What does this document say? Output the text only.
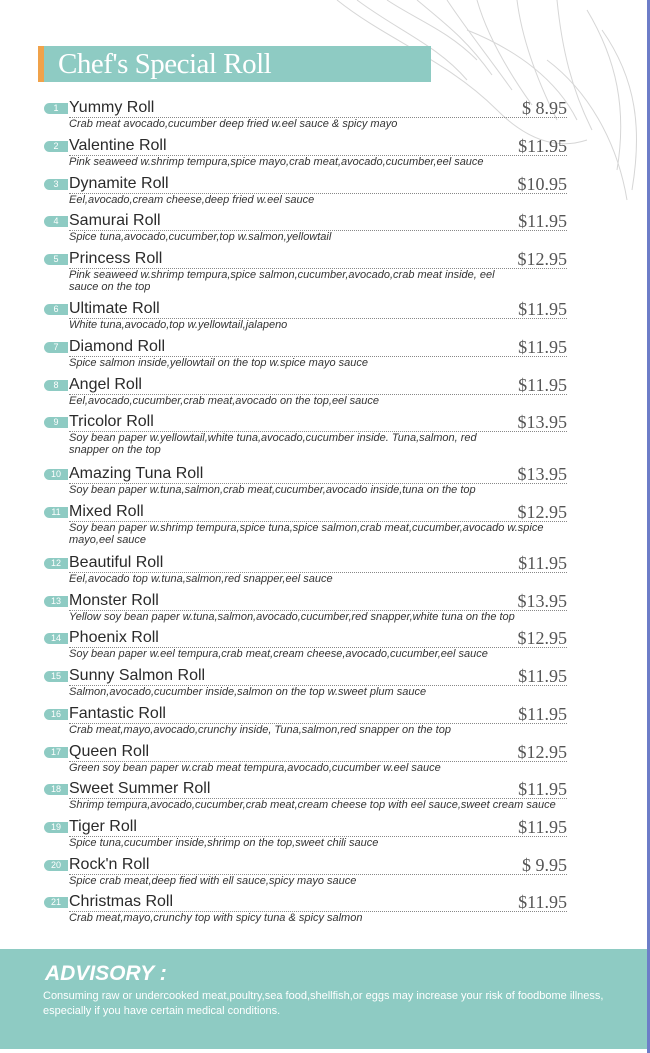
Chef's Special Roll
1 Yummy Roll	$ 8.95
Crab meat avocado,cucumber deep fried w.eel sauce & spicy mayo
2 Valentine Roll	$11.95
Pink seaweed w.shrimp tempura,spice mayo,crab meat,avocado,cucumber,eel sauce
3 Dynamite Roll	$10.95
Eel,avocado,cream cheese,deep fried w.eel sauce
4 Samurai Roll	$11.95
Spice tuna,avocado,cucumber,top w.salmon,yellowtail
5 Princess Roll	$12.95
Pink seaweed w.shrimp tempura,spice salmon,cucumber,avocado,crab meat inside, eel sauce on the top
6 Ultimate Roll	$11.95
White tuna,avocado,top w.yellowtail,jalapeno
7 Diamond Roll	$11.95
Spice salmon inside,yellowtail on the top w.spice mayo sauce
8 Angel Roll	$11.95
Eel,avocado,cucumber,crab meat,avocado on the top,eel sauce
9 Tricolor Roll	$13.95
Soy bean paper w.yellowtail,white tuna,avocado,cucumber inside. Tuna,salmon, red snapper on the top
10 Amazing Tuna Roll	$13.95
Soy bean paper w.tuna,salmon,crab meat,cucumber,avocado inside,tuna on the top
11 Mixed Roll	$12.95
Soy bean paper w.shrimp tempura,spice tuna,spice salmon,crab meat,cucumber,avocado w.spice mayo,eel sauce
12 Beautiful Roll	$11.95
Eel,avocado top w.tuna,salmon,red snapper,eel sauce
13 Monster Roll	$13.95
Yellow soy bean paper w.tuna,salmon,avocado,cucumber,red snapper,white tuna on the top
14 Phoenix Roll	$12.95
Soy bean paper w.eel tempura,crab meat,cream cheese,avocado,cucumber,eel sauce
15 Sunny Salmon Roll	$11.95
Salmon,avocado,cucumber inside,salmon on the top w.sweet plum sauce
16 Fantastic Roll	$11.95
Crab meat,mayo,avocado,crunchy inside, Tuna,salmon,red snapper on the top
17 Queen Roll	$12.95
Green soy bean paper w.crab meat tempura,avocado,cucumber w.eel sauce
18 Sweet Summer Roll	$11.95
Shrimp tempura,avocado,cucumber,crab meat,cream cheese top with eel sauce,sweet cream sauce
19 Tiger Roll	$11.95
Spice tuna,cucumber inside,shrimp on the top,sweet chili sauce
20 Rock'n Roll	$ 9.95
Spice crab meat,deep fied with ell sauce,spicy mayo sauce
21 Christmas Roll	$11.95
Crab meat,mayo,crunchy top with spicy tuna & spicy salmon
ADVISORY :
Consuming raw or undercooked meat,poultry,sea food,shellfish,or eggs may increase your risk of foodbome illness, especially if you have certain medical conditions.
